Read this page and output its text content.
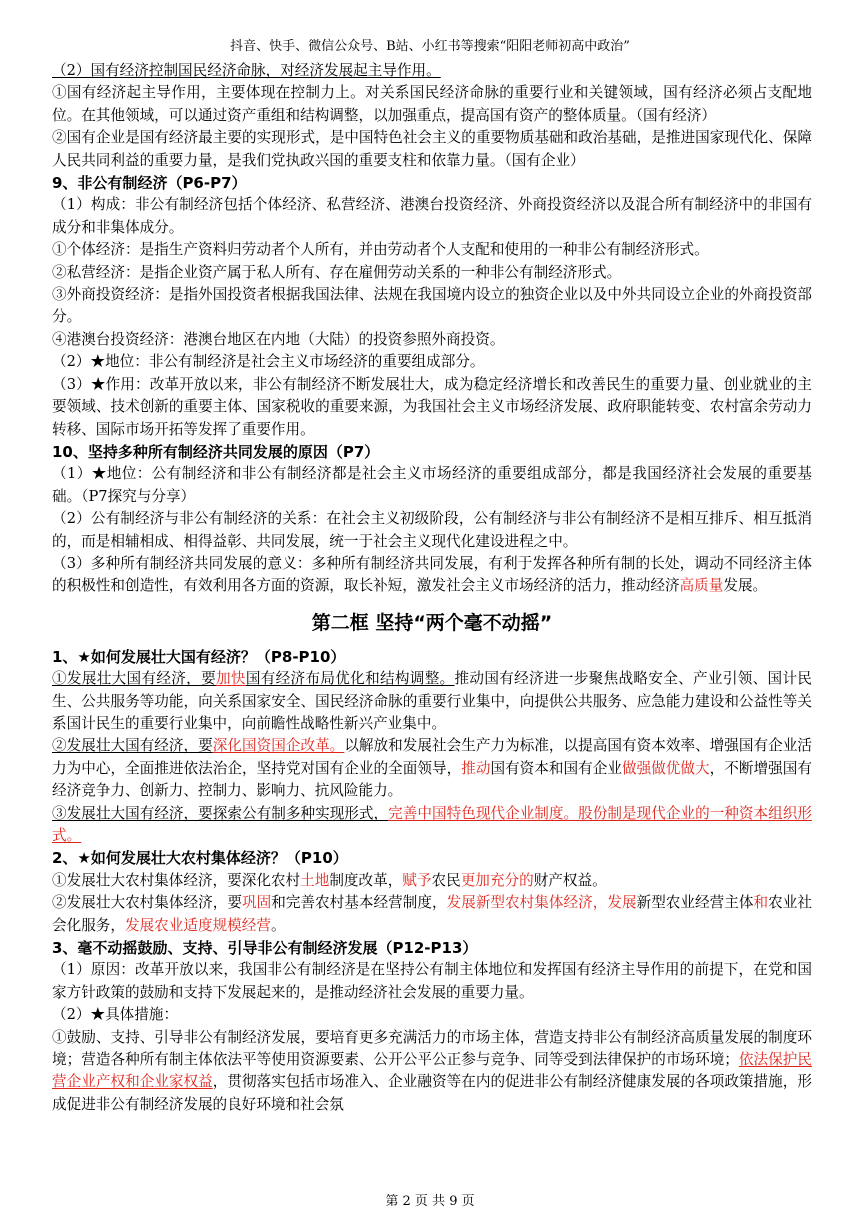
抖音、快手、微信公众号、B站、小红书等搜索“阳阳老师初高中政治”
（2）国有经济控制国民经济命脉，对经济发展起主导作用。
①国有经济起主导作用，主要体现在控制力上。对关系国民经济命脉的重要行业和关键领域，国有经济必须占支配地位。在其他领域，可以通过资产重组和结构调整，以加强重点，提高国有资产的整体质量。（国有经济）
②国有企业是国有经济最主要的实现形式，是中国特色社会主义的重要物质基础和政治基础，是推进国家现代化、保障人民共同利益的重要力量，是我们党执政兴国的重要支柱和依靠力量。（国有企业）
9、非公有制经济（P6-P7）
（1）构成：非公有制经济包括个体经济、私营经济、港澳台投资经济、外商投资经济以及混合所有制经济中的非国有成分和非集体成分。
①个体经济：是指生产资料归劳动者个人所有，并由劳动者个人支配和使用的一种非公有制经济形式。
②私营经济：是指企业资产属于私人所有、存在雇佣劳动关系的一种非公有制经济形式。
③外商投资经济：是指外国投资者根据我国法律、法规在我国境内设立的独资企业以及中外共同设立企业的外商投资部分。
④港澳台投资经济：港澳台地区在内地（大陆）的投资参照外商投资。
（2）★地位：非公有制经济是社会主义市场经济的重要组成部分。
（3）★作用：改革开放以来，非公有制经济不断发展壮大，成为稳定经济增长和改善民生的重要力量、创业就业的主要领域、技术创新的重要主体、国家税收的重要来源，为我国社会主义市场经济发展、政府职能转变、农村富余劳动力转移、国际市场开拓等发挥了重要作用。
10、坚持多种所有制经济共同发展的原因（P7）
（1）★地位：公有制经济和非公有制经济都是社会主义市场经济的重要组成部分，都是我国经济社会发展的重要基础。（P7探究与分享）
（2）公有制经济与非公有制经济的关系：在社会主义初级阶段，公有制经济与非公有制经济不是相互排斥、相互抵消的，而是相辅相成、相得益彰、共同发展，统一于社会主义现代化建设进程之中。
（3）多种所有制经济共同发展的意义：多种所有制经济共同发展，有利于发挥各种所有制的长处，调动不同经济主体的积极性和创造性，有效利用各方面的资源，取长补短，激发社会主义市场经济的活力，推动经济高质量发展。
第二框 坚持“两个毫不动摇”
1、★如何发展壮大国有经济？（P8-P10）
①发展壮大国有经济，要加快国有经济布局优化和结构调整。推动国有经济进一步聚焦战略安全、产业引领、国计民生、公共服务等功能，向关系国家安全、国民经济命脉的重要行业集中，向提供公共服务、应急能力建设和公益性等关系国计民生的重要行业集中，向前瞻性战略性新兴产业集中。
②发展壮大国有经济，要深化国资国企改革。以解放和发展社会生产力为标准，以提高国有资本效率、增强国有企业活力为中心，全面推进依法治企，坚持党对国有企业的全面领导，推动国有资本和国有企业做强做优做大，不断增强国有经济竞争力、创新力、控制力、影响力、抗风险能力。
③发展壮大国有经济，要探索公有制多种实现形式，完善中国特色现代企业制度。股份制是现代企业的一种资本组织形式。
2、★如何发展壮大农村集体经济？（P10）
①发展壮大农村集体经济，要深化农村土地制度改革，赋予农民更加充分的财产权益。
②发展壮大农村集体经济，要巩固和完善农村基本经营制度，发展新型农村集体经济，发展新型农业经营主体和农业社会化服务，发展农业适度规模经营。
3、毫不动摇鼓励、支持、引导非公有制经济发展（P12-P13）
（1）原因：改革开放以来，我国非公有制经济是在坚持公有制主体地位和发挥国有经济主导作用的前提下，在党和国家方针政策的鼓励和支持下发展起来的，是推动经济社会发展的重要力量。
（2）★具体措施：
①鼓励、支持、引导非公有制经济发展，要培育更多充满活力的市场主体，营造支持非公有制经济高质量发展的制度环境；营造各种所有制主体依法平等使用资源要素、公开公平公正参与竞争、同等受到法律保护的市场环境；依法保护民营企业产权和企业家权益，贯彻落实包括市场准入、企业融资等在内的促进非公有制经济健康发展的各项政策措施，形成促进非公有制经济发展的良好环境和社会氛
第 2 页 共 9 页
